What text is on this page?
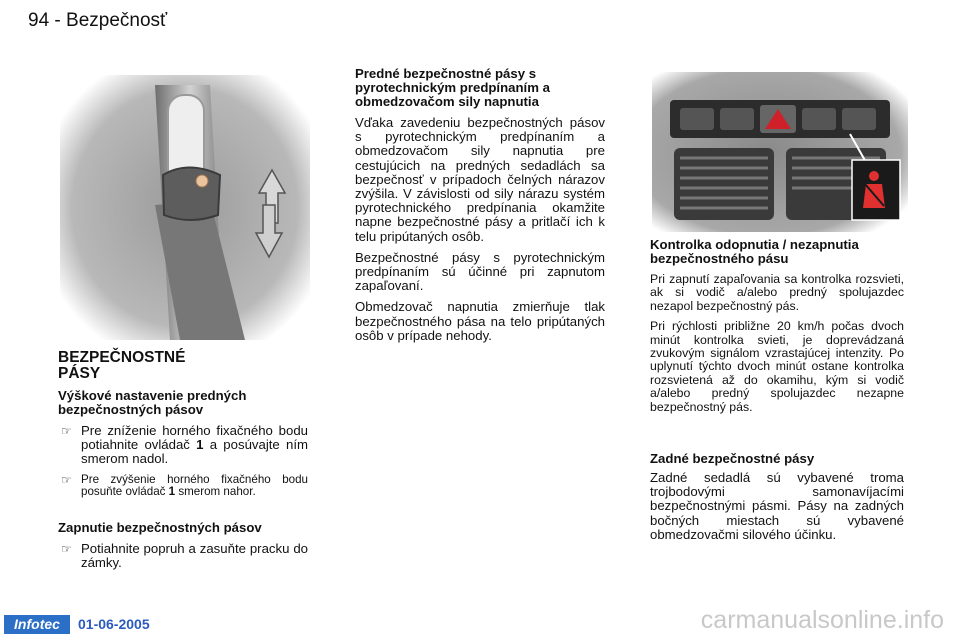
94 - Bezpečnosť

BEZPEČNOSTNÉ
PÁSY

Výškové nastavenie predných bezpečnostných pásov

☞ Pre zníženie horného fixačného bodu potiahnite ovládač 1 a posúvajte ním smerom nadol.

☞ Pre zvýšenie horného fixačného bodu posuňte ovládač 1 smerom nahor.

Zapnutie bezpečnostných pásov

☞ Potiahnite popruh a zasuňte pracku do zámky.

Predné bezpečnostné pásy s pyrotechnickým predpínaním a obmedzovačom sily napnutia

Vďaka zavedeniu bezpečnostných pásov s pyrotechnickým predpínaním a obmedzovačom sily napnutia pre cestujúcich na predných sedadlách sa bezpečnosť v prípadoch čelných nárazov zvýšila. V závislosti od sily nárazu systém pyrotechnického predpínania okamžite napne bezpečnostné pásy a pritlačí ich k telu pripútaných osôb.

Bezpečnostné pásy s pyrotechnickým predpínaním sú účinné pri zapnutom zapaľovaní.

Obmedzovač napnutia zmierňuje tlak bezpečnostného pása na telo pripútaných osôb v prípade nehody.

Kontrolka odopnutia / nezapnutia bezpečnostného pásu

Pri zapnutí zapaľovania sa kontrolka rozsvieti, ak si vodič a/alebo predný spolujazdec nezapol bezpečnostný pás.

Pri rýchlosti približne 20 km/h počas dvoch minút kontrolka svieti, je doprevádzaná zvukovým signálom vzrastajúcej intenzity. Po uplynutí týchto dvoch minút ostane kontrolka rozsvietená až do okamihu, kým si vodič a/alebo predný spolujazdec nezapne bezpečnostný pás.

Zadné bezpečnostné pásy

Zadné sedadlá sú vybavené troma trojbodovými samonavíjacími bezpečnostnými pásmi. Pásy na zadných bočných miestach sú vybavené obmedzovačmi silového účinku.

Infotec	01-06-2005	carmanualsonline.info
